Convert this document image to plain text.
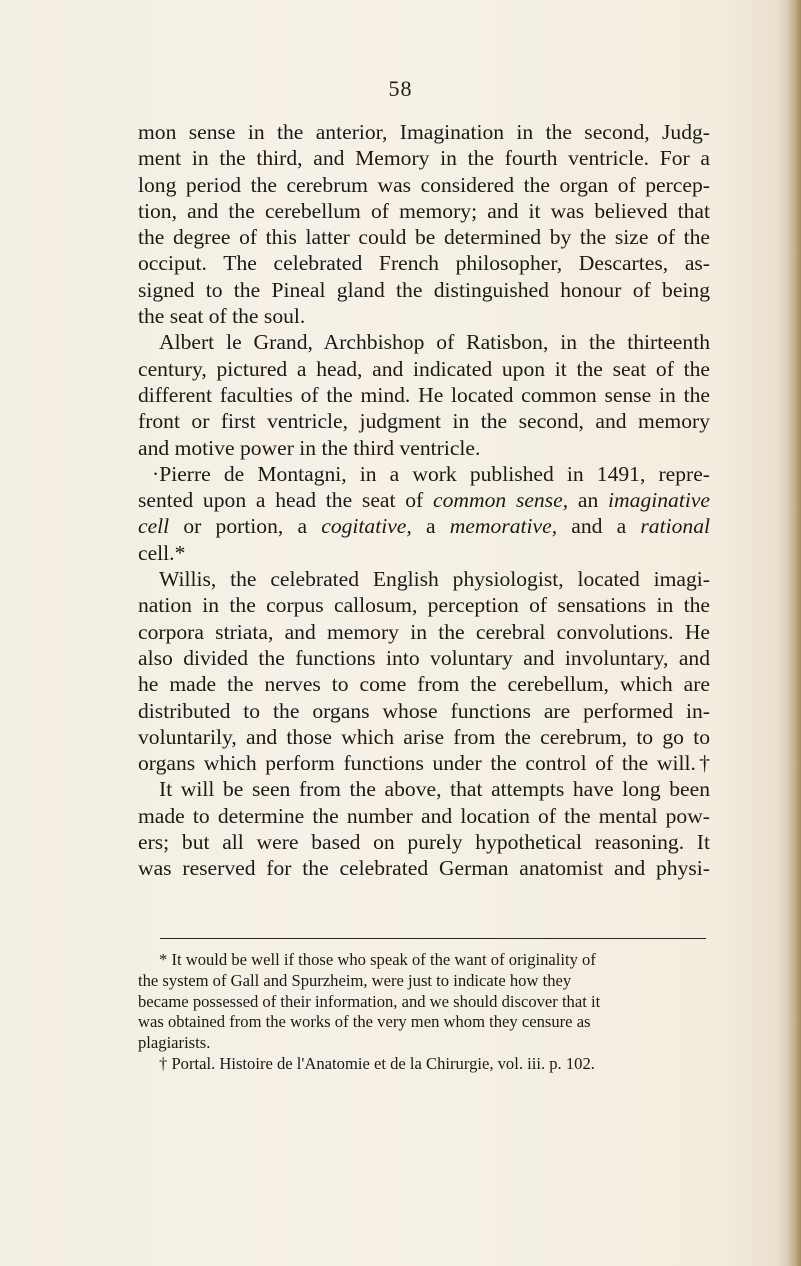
58

mon sense in the anterior, Imagination in the second, Judg-

ment in the third, and Memory in the fourth ventricle. For a

long period the cerebrum was considered the organ of percep-

tion, and the cerebellum of memory; and it was believed that

the degree of this latter could be determined by the size of the

occiput. The celebrated French philosopher, Descartes, as-

signed to the Pineal gland the distinguished honour of being

the seat of the soul.

Albert le Grand, Archbishop of Ratisbon, in the thirteenth

century, pictured a head, and indicated upon it the seat of the

different faculties of the mind. He located common sense in the

front or first ventricle, judgment in the second, and memory

and motive power in the third ventricle.

·Pierre de Montagni, in a work published in 1491, repre-

sented upon a head the seat of common sense, an imaginative

cell or portion, a cogitative, a memorative, and a rational

cell.*

Willis, the celebrated English physiologist, located imagi-

nation in the corpus callosum, perception of sensations in the

corpora striata, and memory in the cerebral convolutions. He

also divided the functions into voluntary and involuntary, and

he made the nerves to come from the cerebellum, which are

distributed to the organs whose functions are performed in-

voluntarily, and those which arise from the cerebrum, to go to

organs which perform functions under the control of the will.†

It will be seen from the above, that attempts have long been

made to determine the number and location of the mental pow-

ers; but all were based on purely hypothetical reasoning. It

was reserved for the celebrated German anatomist and physi-

* It would be well if those who speak of the want of originality of

the system of Gall and Spurzheim, were just to indicate how they

became possessed of their information, and we should discover that it

was obtained from the works of the very men whom they censure as

plagiarists.

† Portal. Histoire de l'Anatomie et de la Chirurgie, vol. iii. p. 102.
